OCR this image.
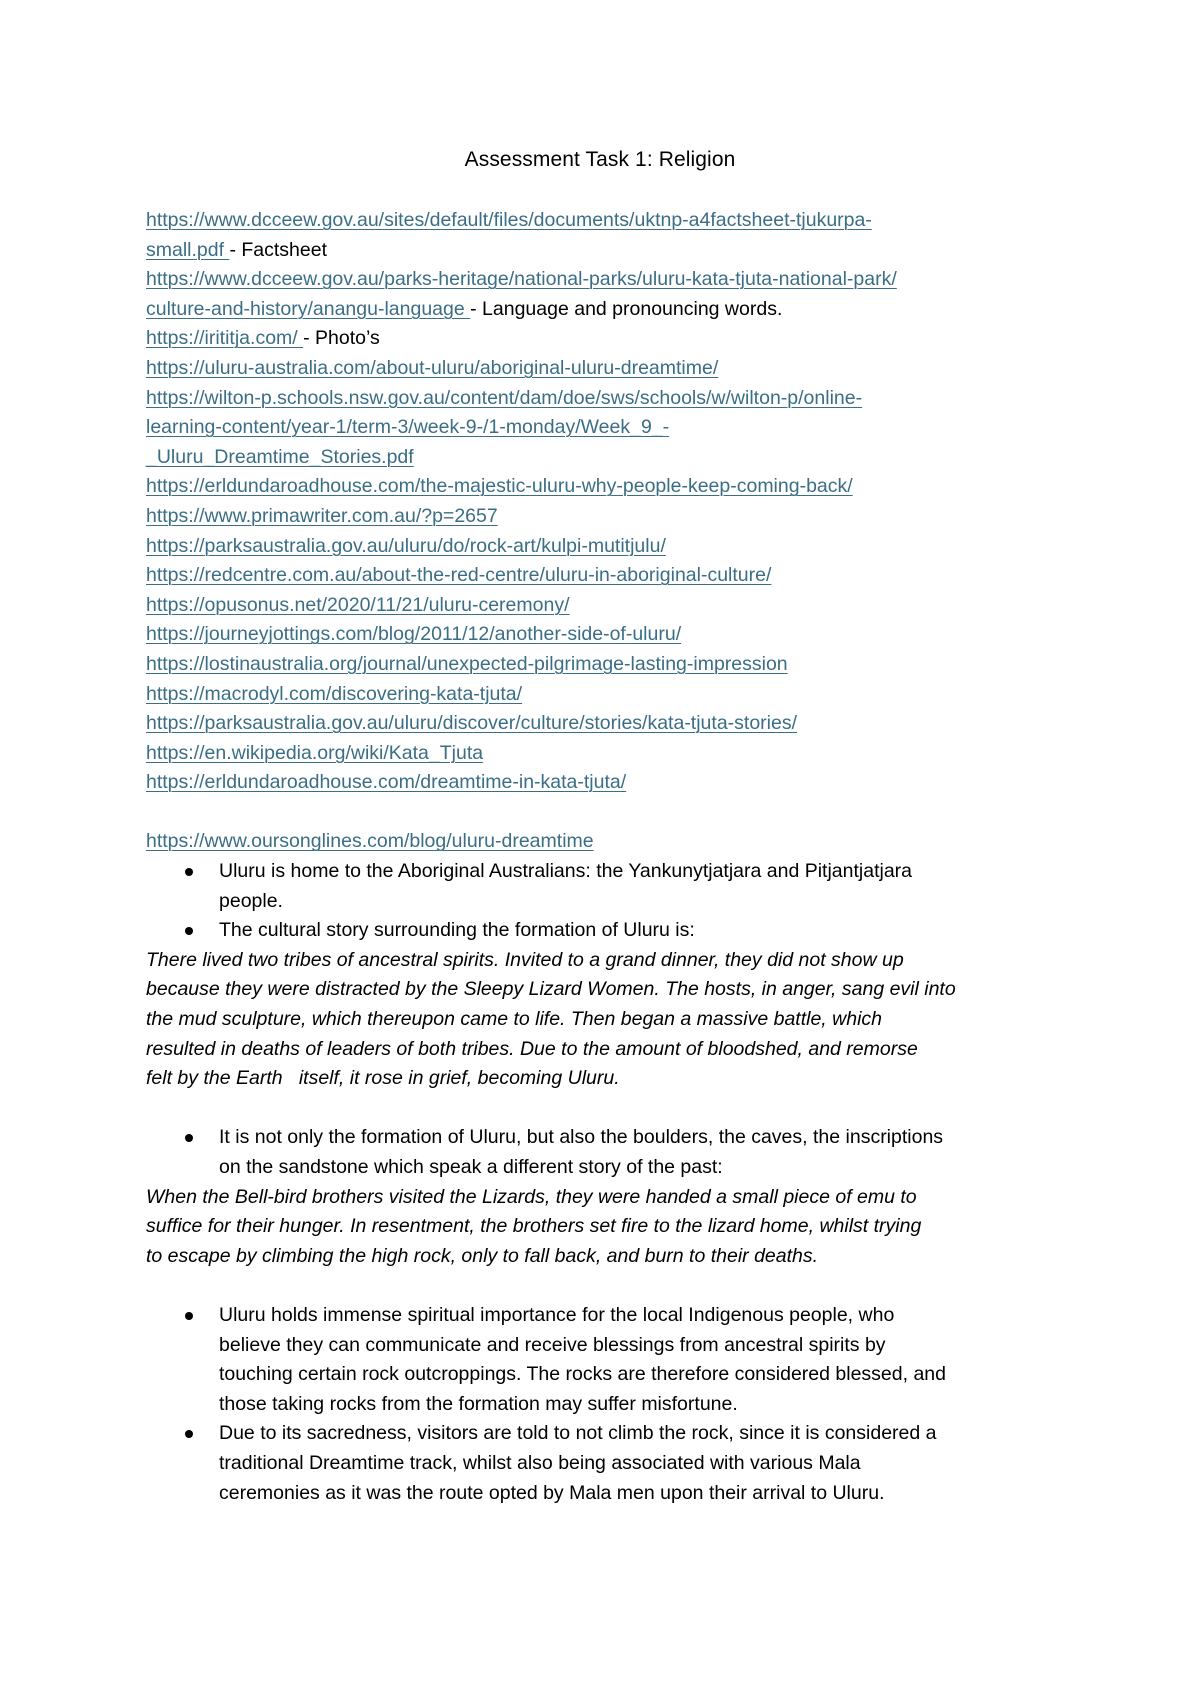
Assessment Task 1: Religion
https://www.dcceew.gov.au/sites/default/files/documents/uktnp-a4factsheet-tjukurpa-
small.pdf - Factsheet
https://www.dcceew.gov.au/parks-heritage/national-parks/uluru-kata-tjuta-national-park/
culture-and-history/anangu-language - Language and pronouncing words.
https://irititja.com/ - Photo’s
https://uluru-australia.com/about-uluru/aboriginal-uluru-dreamtime/
https://wilton-p.schools.nsw.gov.au/content/dam/doe/sws/schools/w/wilton-p/online-
learning-content/year-1/term-3/week-9-/1-monday/Week_9_-
_Uluru_Dreamtime_Stories.pdf
https://erldundaroadhouse.com/the-majestic-uluru-why-people-keep-coming-back/
https://www.primawriter.com.au/?p=2657
https://parksaustralia.gov.au/uluru/do/rock-art/kulpi-mutitjulu/
https://redcentre.com.au/about-the-red-centre/uluru-in-aboriginal-culture/
https://opusonus.net/2020/11/21/uluru-ceremony/
https://journeyjottings.com/blog/2011/12/another-side-of-uluru/
https://lostinaustralia.org/journal/unexpected-pilgrimage-lasting-impression
https://macrodyl.com/discovering-kata-tjuta/
https://parksaustralia.gov.au/uluru/discover/culture/stories/kata-tjuta-stories/
https://en.wikipedia.org/wiki/Kata_Tjuta
https://erldundaroadhouse.com/dreamtime-in-kata-tjuta/
https://www.oursonglines.com/blog/uluru-dreamtime
Uluru is home to the Aboriginal Australians: the Yankunytjatjara and Pitjantjatjara
people.
The cultural story surrounding the formation of Uluru is:
There lived two tribes of ancestral spirits. Invited to a grand dinner, they did not show up
because they were distracted by the Sleepy Lizard Women. The hosts, in anger, sang evil into
the mud sculpture, which thereupon came to life. Then began a massive battle, which
resulted in deaths of leaders of both tribes. Due to the amount of bloodshed, and remorse
felt by the Earth   itself, it rose in grief, becoming Uluru.
It is not only the formation of Uluru, but also the boulders, the caves, the inscriptions
on the sandstone which speak a different story of the past:
When the Bell-bird brothers visited the Lizards, they were handed a small piece of emu to
suffice for their hunger. In resentment, the brothers set fire to the lizard home, whilst trying
to escape by climbing the high rock, only to fall back, and burn to their deaths.
Uluru holds immense spiritual importance for the local Indigenous people, who
believe they can communicate and receive blessings from ancestral spirits by
touching certain rock outcroppings. The rocks are therefore considered blessed, and
those taking rocks from the formation may suffer misfortune.
Due to its sacredness, visitors are told to not climb the rock, since it is considered a
traditional Dreamtime track, whilst also being associated with various Mala
ceremonies as it was the route opted by Mala men upon their arrival to Uluru.
